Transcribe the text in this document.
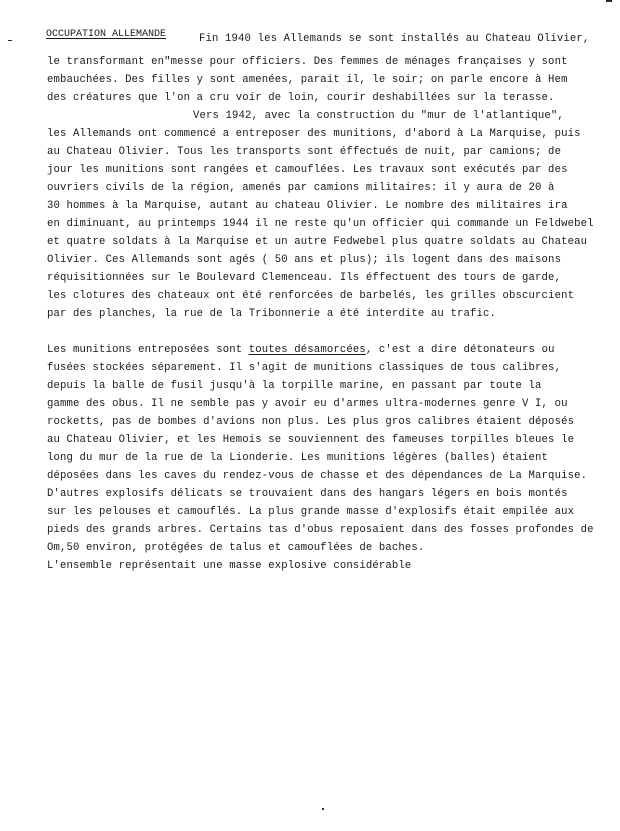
OCCUPATION ALLEMANDE	Fin 1940 les Allemands se sont installés au Chateau Olivier,
le transformant en"messe pour officiers. Des femmes de ménages françaises y sont
embauchées. Des filles y sont amenées, parait il, le soir; on parle encore à Hem
des créatures que l'on a cru voir de loin, courir deshabillées sur la terasse.
Vers 1942, avec la construction du "mur de l'atlantique",
les Allemands ont commencé a entreposer des munitions, d'abord à La Marquise, puis
au Chateau Olivier. Tous les transports sont éffectués de nuit, par camions; de
jour les munitions sont rangées et camouflées. Les travaux sont exécutés par des
ouvriers civils de la région, amenés par camions militaires: il y aura de 20 à
30 hommes à la Marquise, autant au chateau Olivier. Le nombre des militaires ira
en diminuant, au printemps 1944 il ne reste qu'un officier qui commande un Feldwebel
et quatre soldats à la Marquise et un autre Fedwebel plus quatre soldats au Chateau
Olivier. Ces Allemands sont agés ( 50 ans et plus); ils logent dans des maisons
réquisitionnées sur le Boulevard Clemenceau. Ils éffectuent des tours de garde,
les clotures des chateaux ont été renforcées de barbelés, les grilles obscurcient
par des planches, la rue de la Tribonnerie a été interdite au trafic.
Les munitions entreposées sont toutes désamorcées, c'est a dire détonateurs ou
fusées stockées séparement. Il s'agit de munitions classiques de tous calibres,
depuis la balle de fusil jusqu'à la torpille marine, en passant par toute la
gamme des obus. Il ne semble pas y avoir eu d'armes ultra-modernes genre V I, ou
rocketts, pas de bombes d'avions non plus. Les plus gros calibres étaient déposés
au Chateau Olivier, et les Hemois se souviennent des fameuses torpilles bleues le
long du mur de la rue de la Lionderie. Les munitions légères (balles) étaient
déposées dans les caves du rendez-vous de chasse et des dépendances de La Marquise.
D'autres explosifs délicats se trouvaient dans des hangars légers en bois montés
sur les pelouses et camouflés. La plus grande masse d'explosifs était empilée aux
pieds des grands arbres. Certains tas d'obus reposaient dans des fosses profondes de
Om,50 environ, protégées de talus et camouflées de baches.
L'ensemble représentait une masse explosive considérable
